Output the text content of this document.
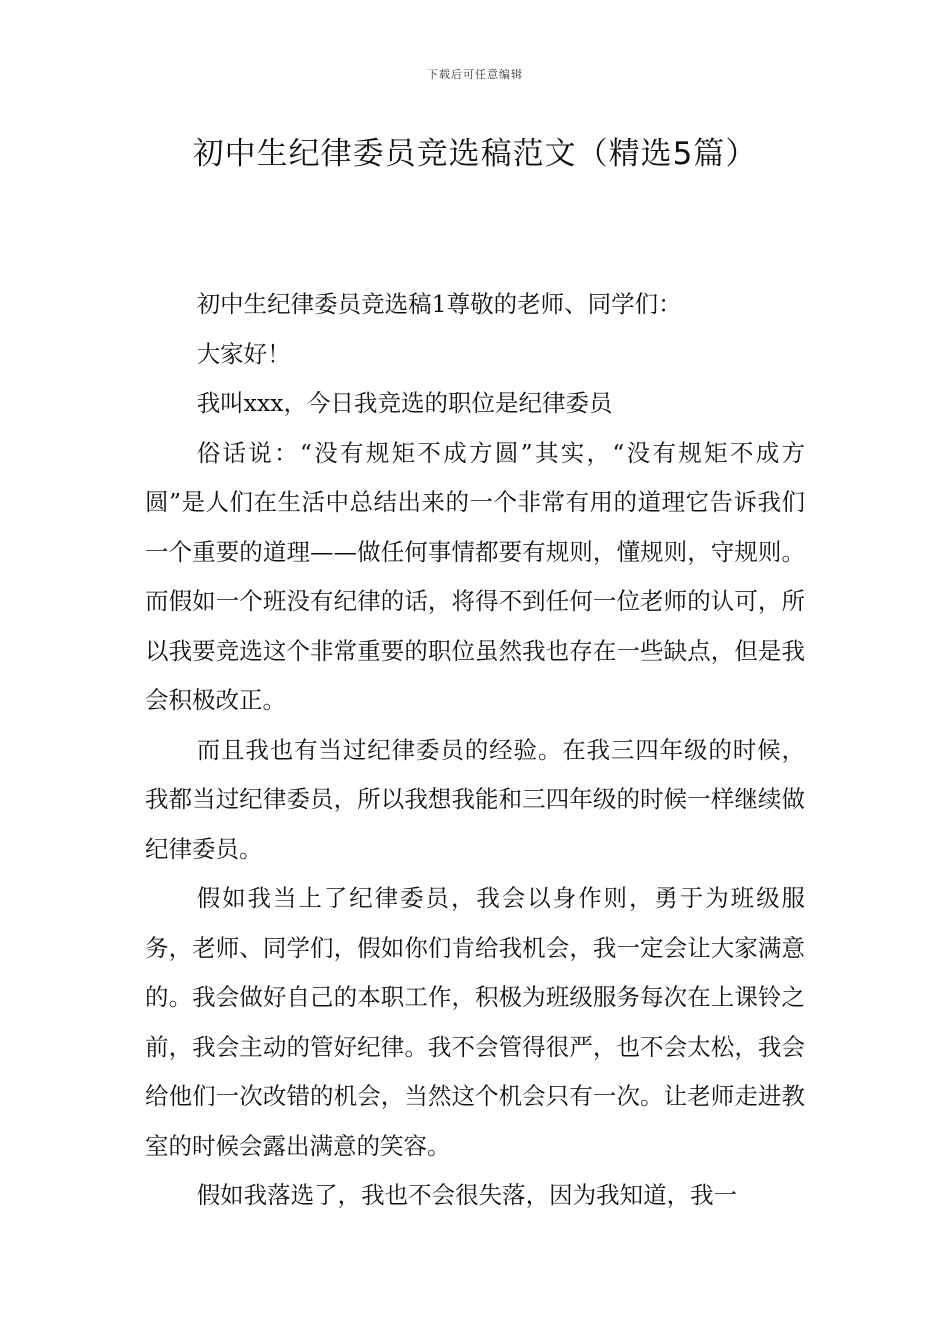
下载后可任意编辑
初中生纪律委员竞选稿范文（精选5篇）

初中生纪律委员竞选稿1尊敬的老师、同学们：

大家好！

我叫xxx，今日我竞选的职位是纪律委员

俗话说：“没有规矩不成方圆”其实，“没有规矩不成方圆”是人们在生活中总结出来的一个非常有用的道理它告诉我们一个重要的道理——做任何事情都要有规则，懂规则，守规则。而假如一个班没有纪律的话，将得不到任何一位老师的认可，所以我要竞选这个非常重要的职位虽然我也存在一些缺点，但是我会积极改正。

而且我也有当过纪律委员的经验。在我三四年级的时候，我都当过纪律委员，所以我想我能和三四年级的时候一样继续做纪律委员。

假如我当上了纪律委员，我会以身作则，勇于为班级服务，老师、同学们，假如你们肯给我机会，我一定会让大家满意的。我会做好自己的本职工作，积极为班级服务每次在上课铃之前，我会主动的管好纪律。我不会管得很严，也不会太松，我会给他们一次改错的机会，当然这个机会只有一次。让老师走进教室的时候会露出满意的笑容。

假如我落选了，我也不会很失落，因为我知道，我一
